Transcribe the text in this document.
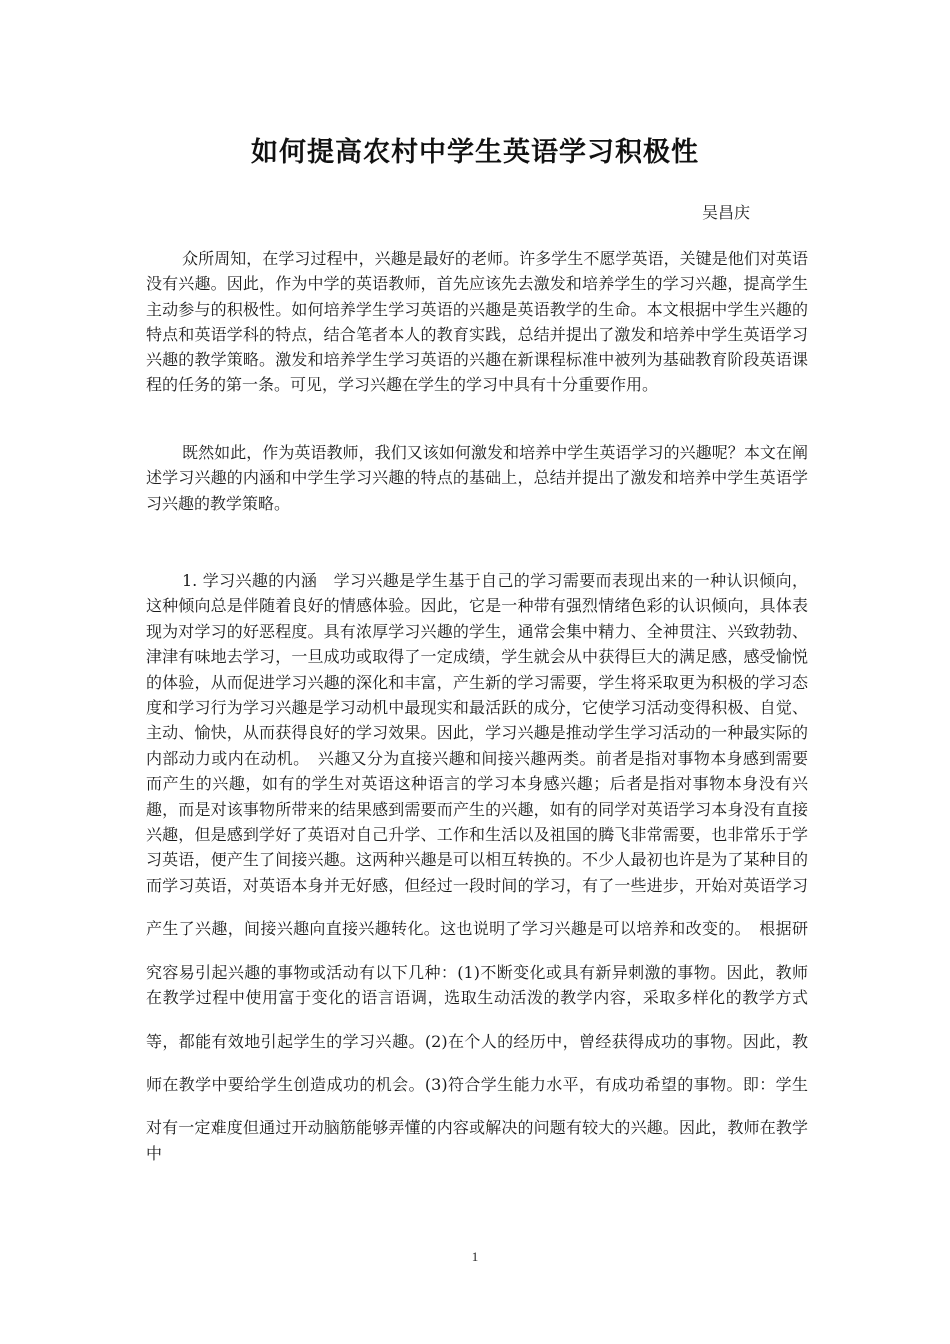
如何提高农村中学生英语学习积极性
吴昌庆

众所周知，在学习过程中，兴趣是最好的老师。许多学生不愿学英语，关键是他们对英语没有兴趣。因此，作为中学的英语教师，首先应该先去激发和培养学生的学习兴趣，提高学生主动参与的积极性。如何培养学生学习英语的兴趣是英语教学的生命。本文根据中学生兴趣的特点和英语学科的特点，结合笔者本人的教育实践，总结并提出了激发和培养中学生英语学习兴趣的教学策略。激发和培养学生学习英语的兴趣在新课程标准中被列为基础教育阶段英语课程的任务的第一条。可见，学习兴趣在学生的学习中具有十分重要作用。

既然如此，作为英语教师，我们又该如何激发和培养中学生英语学习的兴趣呢？本文在阐述学习兴趣的内涵和中学生学习兴趣的特点的基础上，总结并提出了激发和培养中学生英语学习兴趣的教学策略。

1. 学习兴趣的内涵　学习兴趣是学生基于自己的学习需要而表现出来的一种认识倾向，这种倾向总是伴随着良好的情感体验。因此，它是一种带有强烈情绪色彩的认识倾向，具体表现为对学习的好恶程度。具有浓厚学习兴趣的学生，通常会集中精力、全神贯注、兴致勃勃、津津有味地去学习，一旦成功或取得了一定成绩，学生就会从中获得巨大的满足感，感受愉悦的体验，从而促进学习兴趣的深化和丰富，产生新的学习需要，学生将采取更为积极的学习态度和学习行为学习兴趣是学习动机中最现实和最活跃的成分，它使学习活动变得积极、自觉、主动、愉快，从而获得良好的学习效果。因此，学习兴趣是推动学生学习活动的一种最实际的内部动力或内在动机。　兴趣又分为直接兴趣和间接兴趣两类。前者是指对事物本身感到需要而产生的兴趣，如有的学生对英语这种语言的学习本身感兴趣；后者是指对事物本身没有兴趣，而是对该事物所带来的结果感到需要而产生的兴趣，如有的同学对英语学习本身没有直接兴趣，但是感到学好了英语对自己升学、工作和生活以及祖国的腾飞非常需要，也非常乐于学习英语，便产生了间接兴趣。这两种兴趣是可以相互转换的。不少人最初也许是为了某种目的而学习英语，对英语本身并无好感，但经过一段时间的学习，有了一些进步，开始对英语学习产生了兴趣，间接兴趣向直接兴趣转化。这也说明了学习兴趣是可以培养和改变的。　根据研究容易引起兴趣的事物或活动有以下几种：(1)不断变化或具有新异刺激的事物。因此，教师在教学过程中使用富于变化的语言语调，选取生动活泼的教学内容，采取多样化的教学方式等，都能有效地引起学生的学习兴趣。(2)在个人的经历中，曾经获得成功的事物。因此，教师在教学中要给学生创造成功的机会。(3)符合学生能力水平，有成功希望的事物。即：学生对有一定难度但通过开动脑筋能够弄懂的内容或解决的问题有较大的兴趣。因此，教师在教学中

1
